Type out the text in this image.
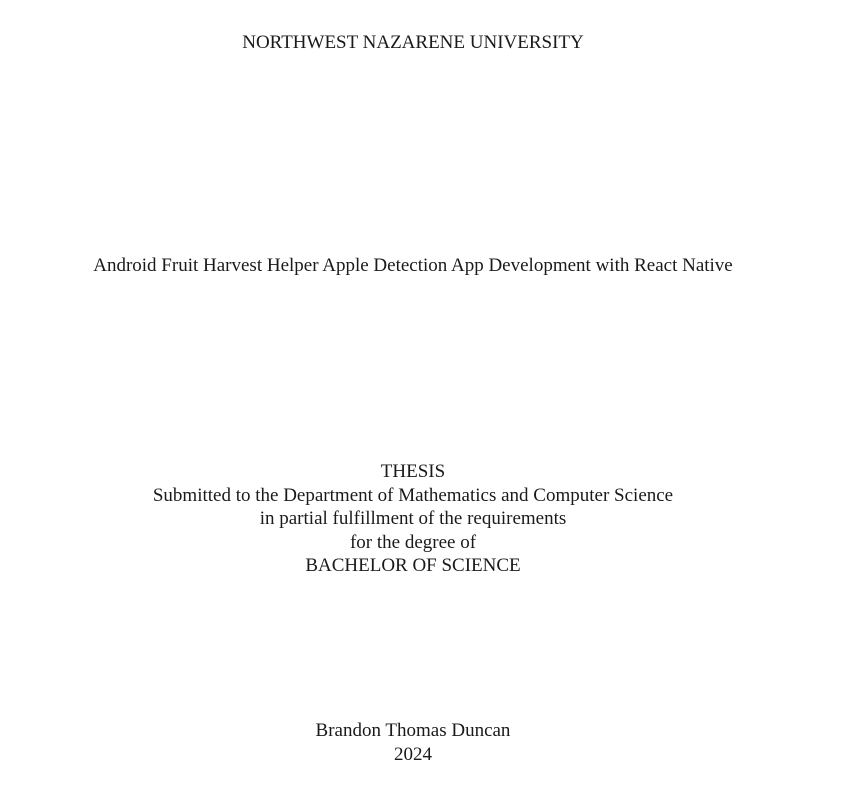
NORTHWEST NAZARENE UNIVERSITY
Android Fruit Harvest Helper Apple Detection App Development with React Native
THESIS
Submitted to the Department of Mathematics and Computer Science
in partial fulfillment of the requirements
for the degree of
BACHELOR OF SCIENCE
Brandon Thomas Duncan
2024
